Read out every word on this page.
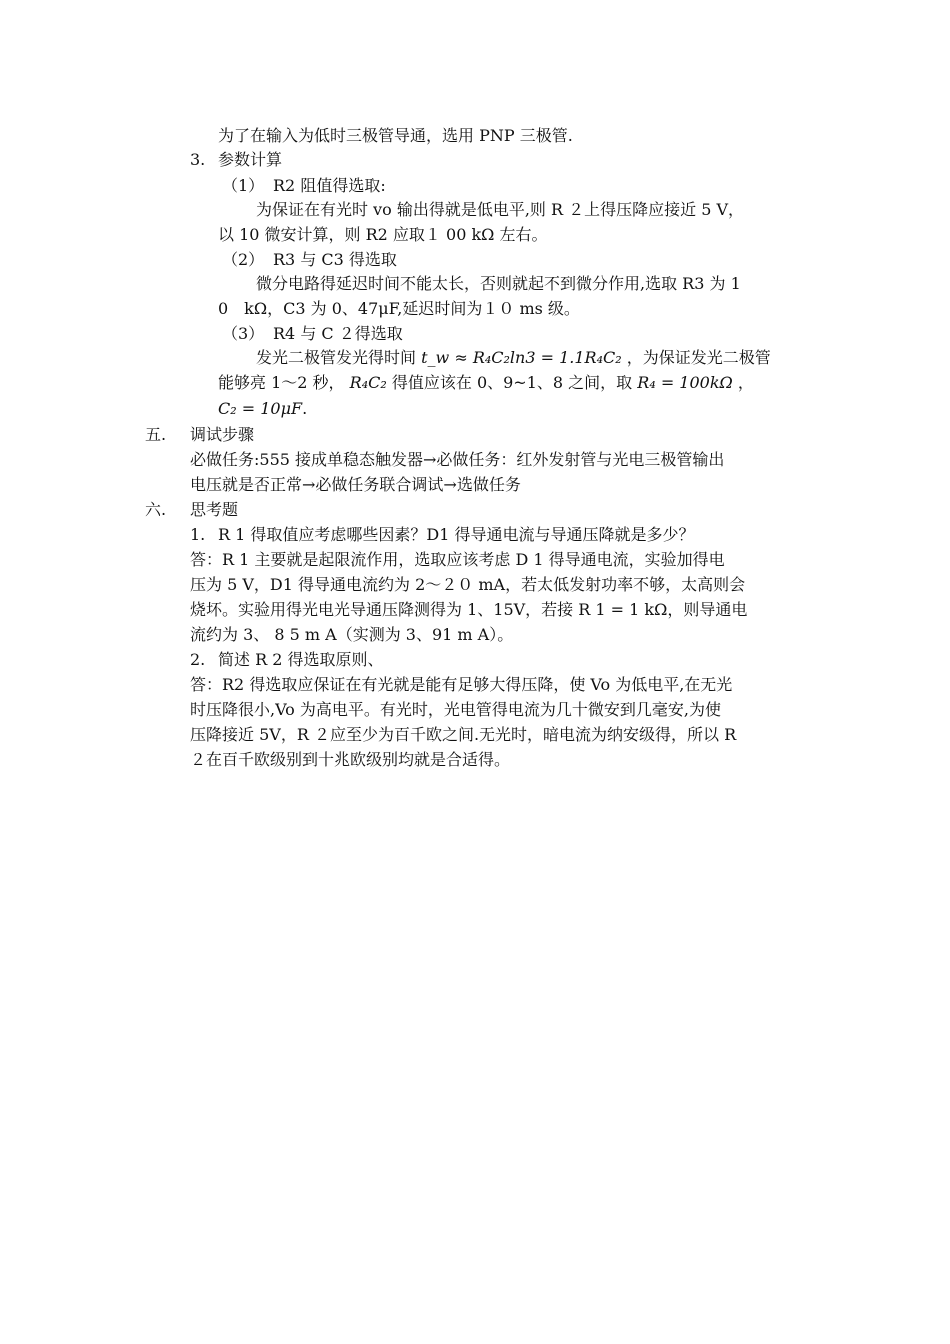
为了在输入为低时三极管导通，选用 PNP 三极管.
3. 参数计算
（1） R2 阻值得选取:
为保证在有光时 vo 输出得就是低电平,则 R ２上得压降应接近 5 V，
以 10 微安计算，则 R2 应取１ 00 kΩ 左右。
（2） R3 与 C3 得选取
微分电路得延迟时间不能太长，否则就起不到微分作用,选取 R3 为 1
0　kΩ，C3 为 0、47μF,延迟时间为１０ ms 级。
（3） R4 与 C ２得选取
发光二极管发光得时间 t_w ≈ R₄C₂ln3 = 1.1R₄C₂ ，为保证发光二极管
能够亮 1～2 秒， R₄C₂ 得值应该在 0、9~1、8 之间，取 R₄ = 100kΩ ，
C₂ = 10μF.
五. 调试步骤
必做任务:555 接成单稳态触发器→必做任务：红外发射管与光电三极管输出
电压就是否正常→必做任务联合调试→选做任务
六. 思考题
1. R 1 得取值应考虑哪些因素？D1 得导通电流与导通压降就是多少？
答：R 1 主要就是起限流作用，选取应该考虑 D 1 得导通电流，实验加得电
压为 5 V，D1 得导通电流约为 2～２０ mA，若太低发射功率不够，太高则会
烧坏。实验用得光电光导通压降测得为 1、15V，若接 R 1 = 1 kΩ，则导通电
流约为 3、 8 5 m A（实测为 3、91 m A）。
2. 简述 R 2 得选取原则、
答：R2 得选取应保证在有光就是能有足够大得压降，使 Vo 为低电平,在无光
时压降很小,Vo 为高电平。有光时，光电管得电流为几十微安到几毫安,为使
压降接近 5V，R ２应至少为百千欧之间.无光时，暗电流为纳安级得，所以 R
２在百千欧级别到十兆欧级别均就是合适得。
